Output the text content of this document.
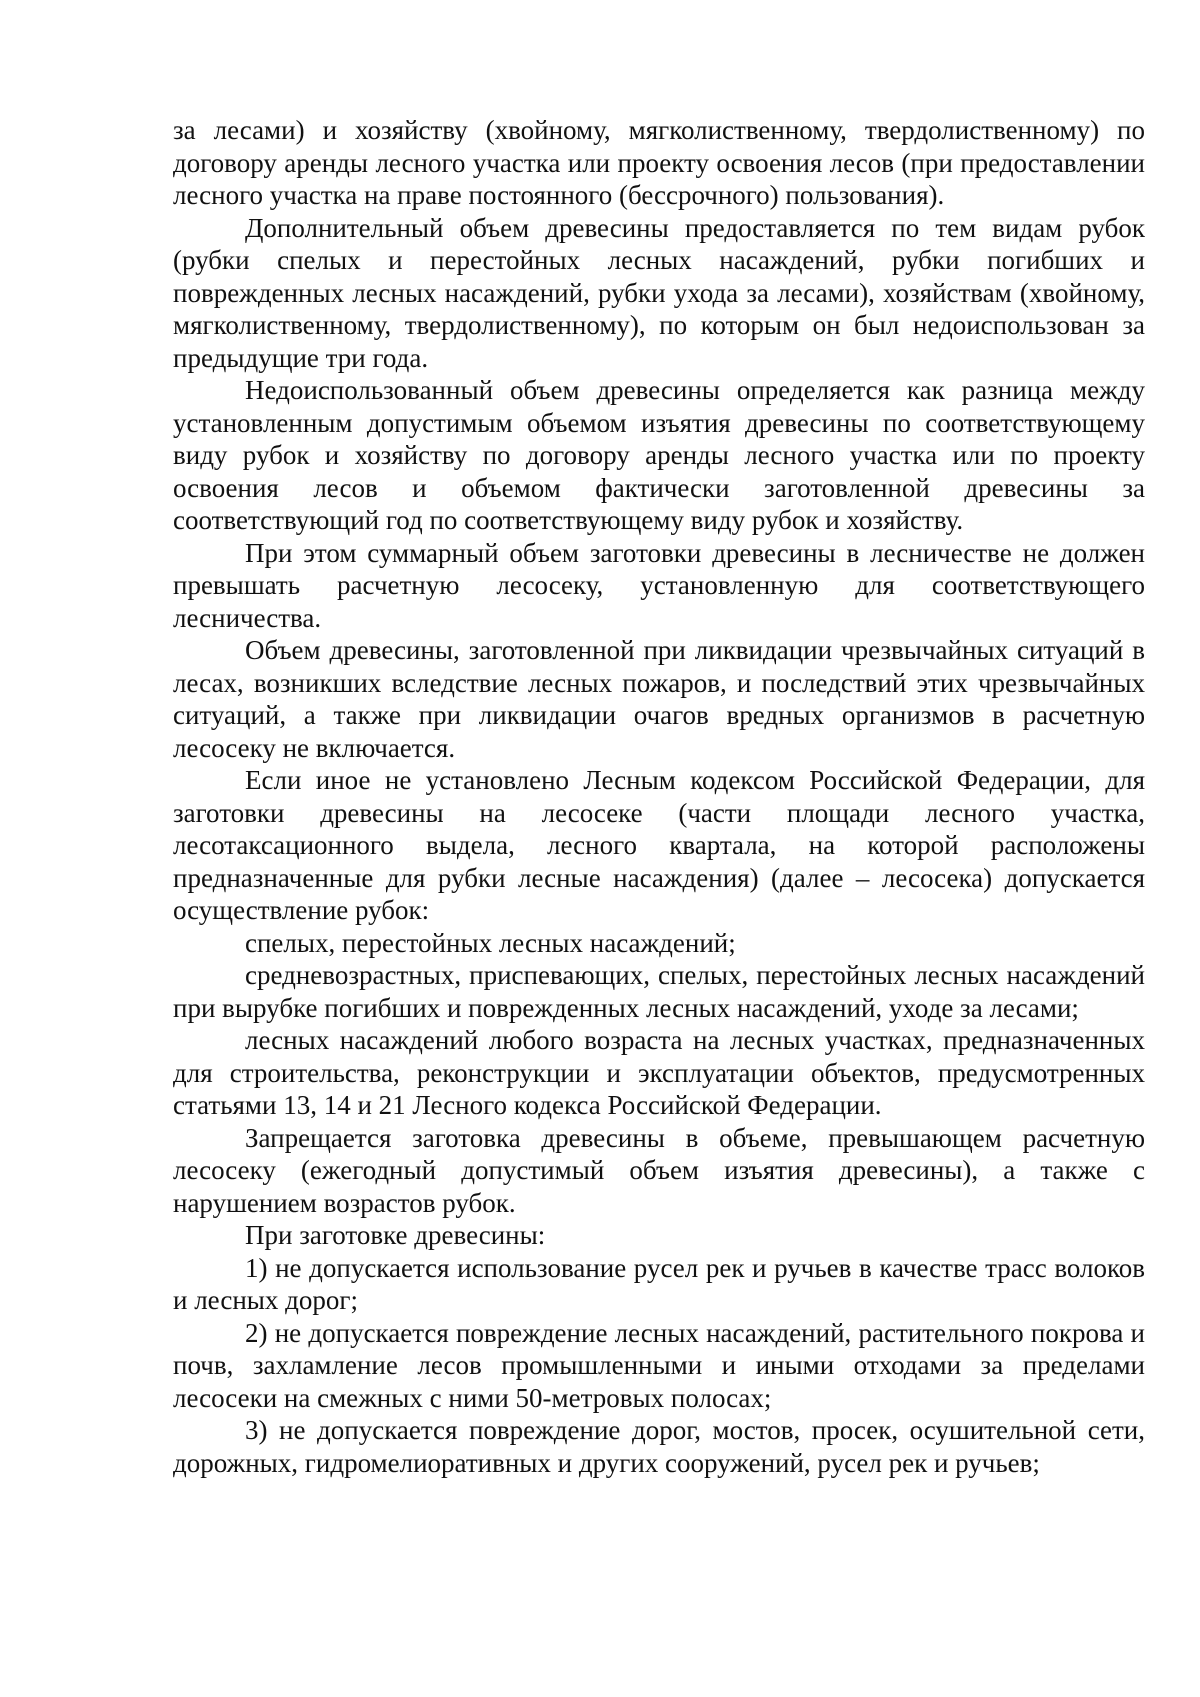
за лесами) и хозяйству (хвойному, мягколиственному, твердолиственному) по договору аренды лесного участка или проекту освоения лесов (при предоставлении лесного участка на праве постоянного (бессрочного) пользования).

Дополнительный объем древесины предоставляется по тем видам рубок (рубки спелых и перестойных лесных насаждений, рубки погибших и поврежденных лесных насаждений, рубки ухода за лесами), хозяйствам (хвойному, мягколиственному, твердолиственному), по которым он был недоиспользован за предыдущие три года.

Недоиспользованный объем древесины определяется как разница между установленным допустимым объемом изъятия древесины по соответствующему виду рубок и хозяйству по договору аренды лесного участка или по проекту освоения лесов и объемом фактически заготовленной древесины за соответствующий год по соответствующему виду рубок и хозяйству.

При этом суммарный объем заготовки древесины в лесничестве не должен превышать расчетную лесосеку, установленную для соответствующего лесничества.

Объем древесины, заготовленной при ликвидации чрезвычайных ситуаций в лесах, возникших вследствие лесных пожаров, и последствий этих чрезвычайных ситуаций, а также при ликвидации очагов вредных организмов в расчетную лесосеку не включается.

Если иное не установлено Лесным кодексом Российской Федерации, для заготовки древесины на лесосеке (части площади лесного участка, лесотаксационного выдела, лесного квартала, на которой расположены предназначенные для рубки лесные насаждения) (далее – лесосека) допускается осуществление рубок:

спелых, перестойных лесных насаждений;

средневозрастных, приспевающих, спелых, перестойных лесных насаждений при вырубке погибших и поврежденных лесных насаждений, уходе за лесами;

лесных насаждений любого возраста на лесных участках, предназначенных для строительства, реконструкции и эксплуатации объектов, предусмотренных статьями 13, 14 и 21 Лесного кодекса Российской Федерации.

Запрещается заготовка древесины в объеме, превышающем расчетную лесосеку (ежегодный допустимый объем изъятия древесины), а также с нарушением возрастов рубок.

При заготовке древесины:

1) не допускается использование русел рек и ручьев в качестве трасс волоков и лесных дорог;

2) не допускается повреждение лесных насаждений, растительного покрова и почв, захламление лесов промышленными и иными отходами за пределами лесосеки на смежных с ними 50-метровых полосах;

3) не допускается повреждение дорог, мостов, просек, осушительной сети, дорожных, гидромелиоративных и других сооружений, русел рек и ручьев;
